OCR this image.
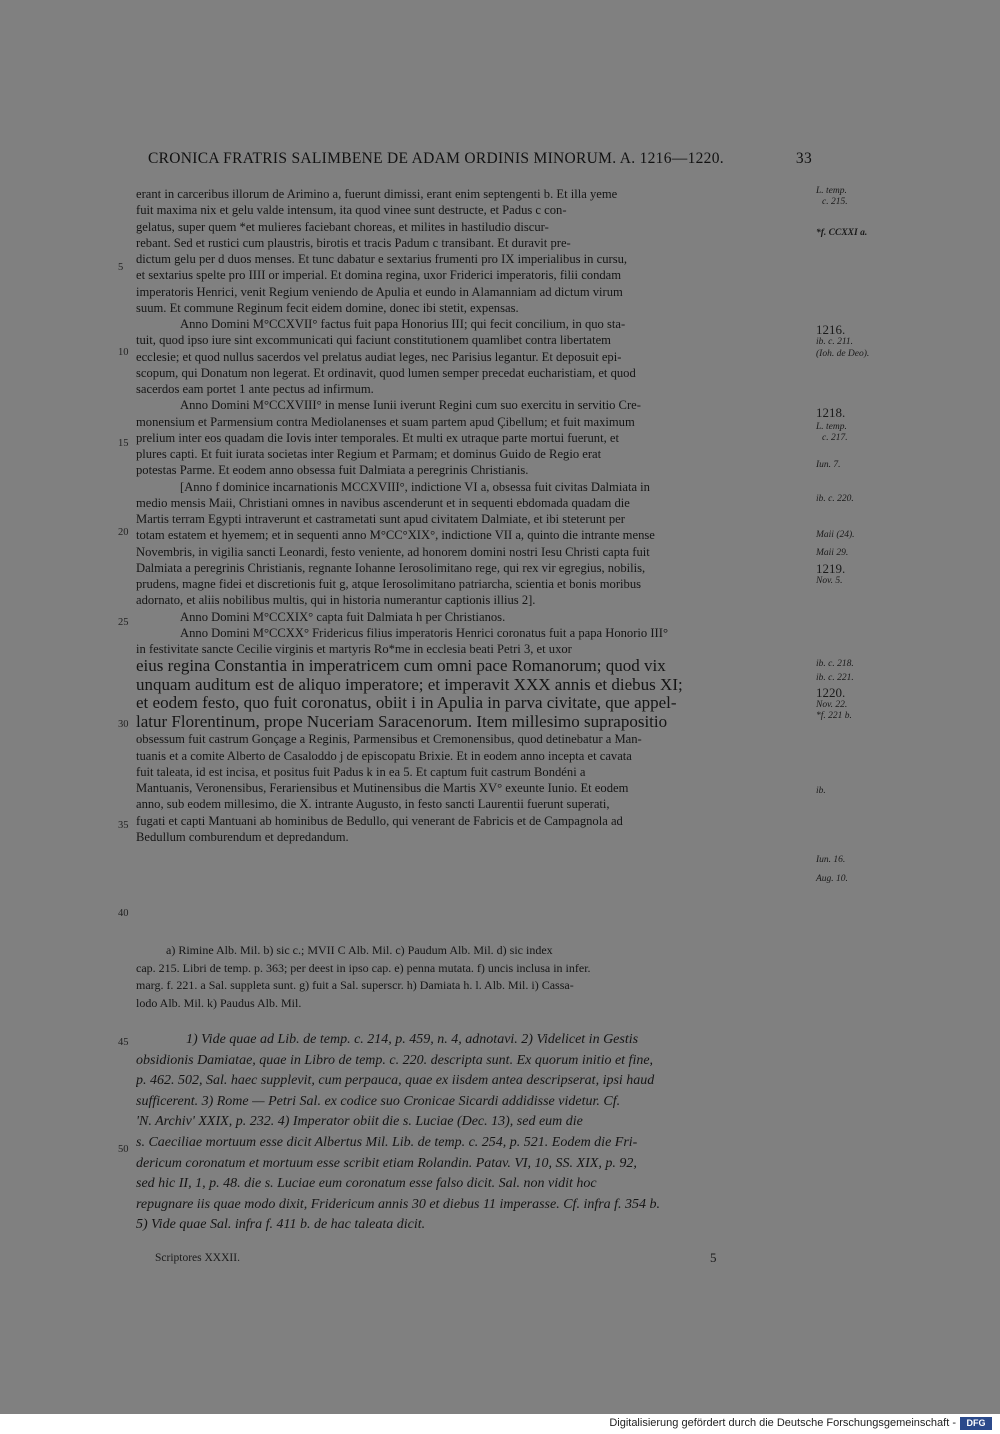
CRONICA FRATRIS SALIMBENE DE ADAM ORDINIS MINORUM. A. 1216—1220.	33
5
10
15
20
25
30
35
40
45
50
erant in carceribus illorum de Arimino a, fuerunt dimissi, erant enim septengenti b. Et illa yeme
fuit maxima nix et gelu valde intensum, ita quod vinee sunt destructe, et Padus c con-
gelatus, super quem *et mulieres faciebant choreas, et milites in hastiludio discur-
rebant. Sed et rustici cum plaustris, birotis et tracis Padum c transibant. Et duravit pre-
dictum gelu per d duos menses. Et tunc dabatur e sextarius frumenti pro IX imperialibus in cursu,
et sextarius spelte pro IIII or imperial. Et domina regina, uxor Friderici imperatoris, filii condam
imperatoris Henrici, venit Regium veniendo de Apulia et eundo in Alamanniam ad dictum virum
suum. Et commune Reginum fecit eidem domine, donec ibi stetit, expensas.
Anno Domini M°CCXVII° factus fuit papa Honorius III; qui fecit concilium, in quo sta-
tuit, quod ipso iure sint excommunicati qui faciunt constitutionem quamlibet contra libertatem
ecclesie; et quod nullus sacerdos vel prelatus audiat leges, nec Parisius legantur. Et deposuit epi-
scopum, qui Donatum non legerat. Et ordinavit, quod lumen semper precedat eucharistiam, et quod
sacerdos eam portet 1 ante pectus ad infirmum.
Anno Domini M°CCXVIII° in mense Iunii iverunt Regini cum suo exercitu in servitio Cre-
monensium et Parmensium contra Mediolanenses et suam partem apud Çibellum; et fuit maximum
prelium inter eos quadam die Iovis inter temporales. Et multi ex utraque parte mortui fuerunt, et
plures capti. Et fuit iurata societas inter Regium et Parmam; et dominus Guido de Regio erat
potestas Parme. Et eodem anno obsessa fuit Dalmiata a peregrinis Christianis.
[Anno f dominice incarnationis MCCXVIII°, indictione VI a, obsessa fuit civitas Dalmiata in
medio mensis Maii, Christiani omnes in navibus ascenderunt et in sequenti ebdomada quadam die
Martis terram Egypti intraverunt et castrametati sunt apud civitatem Dalmiate, et ibi steterunt per
totam estatem et hyemem; et in sequenti anno M°CC°XIX°, indictione VII a, quinto die intrante mense
Novembris, in vigilia sancti Leonardi, festo veniente, ad honorem domini nostri Iesu Christi capta fuit
Dalmiata a peregrinis Christianis, regnante Iohanne Ierosolimitano rege, qui rex vir egregius, nobilis,
prudens, magne fidei et discretionis fuit g, atque Ierosolimitano patriarcha, scientia et bonis moribus
adornato, et aliis nobilibus multis, qui in historia numerantur captionis illius 2].
Anno Domini M°CCXIX° capta fuit Dalmiata h per Christianos.
Anno Domini M°CCXX° Fridericus filius imperatoris Henrici coronatus fuit a papa Honorio III°
in festivitate sancte Cecilie virginis et martyris Ro*me in ecclesia beati Petri 3, et uxor
eius regina Constantia in imperatricem cum omni pace Romanorum; quod vix
unquam auditum est de aliquo imperatore; et imperavit XXX annis et diebus XI;
et eodem festo, quo fuit coronatus, obiit i in Apulia in parva civitate, que appel-
latur Florentinum, prope Nuceriam Saracenorum. Item millesimo suprapositio
obsessum fuit castrum Gonçage a Reginis, Parmensibus et Cremonensibus, quod detinebatur a Man-
tuanis et a comite Alberto de Casaloddo j de episcopatu Brixie. Et in eodem anno incepta et cavata
fuit taleata, id est incisa, et positus fuit Padus k in ea 5. Et captum fuit castrum Bondéni a
Mantuanis, Veronensibus, Ferariensibus et Mutinensibus die Martis XV° exeunte Iunio. Et eodem
anno, sub eodem millesimo, die X. intrante Augusto, in festo sancti Laurentii fuerunt superati,
fugati et capti Mantuani ab hominibus de Bedullo, qui venerant de Fabricis et de Campagnola ad
Bedullum comburendum et depredandum.
L. temp.
c. 215.
*f. CCXXI a.
1216.
ib. c. 211.
(Ioh. de Deo).
1218.
L. temp.
c. 217.
Iun. 7.
ib. c. 220.
Maii (24).
Maii 29.
1219.
Nov. 5.
ib. c. 218.
ib. c. 221.
1220.
Nov. 22.
*f. 221 b.
ib.
Iun. 16.
Aug. 10.
a) Rimine Alb. Mil. b) sic c.; MVII C Alb. Mil. c) Paudum Alb. Mil. d) sic index
cap. 215. Libri de temp. p. 363; per deest in ipso cap. e) penna mutata. f) uncis inclusa in infer.
marg. f. 221. a Sal. suppleta sunt. g) fuit a Sal. superscr. h) Damiata h. l. Alb. Mil. i) Cassa-
lodo Alb. Mil. k) Paudus Alb. Mil.
1) Vide quae ad Lib. de temp. c. 214, p. 459, n. 4, adnotavi. 2) Videlicet in Gestis
obsidionis Damiatae, quae in Libro de temp. c. 220. descripta sunt. Ex quorum initio et fine,
p. 462. 502, Sal. haec supplevit, cum perpauca, quae ex iisdem antea descripserat, ipsi haud
sufficerent. 3) Rome — Petri Sal. ex codice suo Cronicae Sicardi addidisse videtur. Cf.
'N. Archiv' XXIX, p. 232. 4) Imperator obiit die s. Luciae (Dec. 13), sed eum die
s. Caeciliae mortuum esse dicit Albertus Mil. Lib. de temp. c. 254, p. 521. Eodem die Fri-
dericum coronatum et mortuum esse scribit etiam Rolandin. Patav. VI, 10, SS. XIX, p. 92,
sed hic II, 1, p. 48. die s. Luciae eum coronatum esse falso dicit. Sal. non vidit hoc
repugnare iis quae modo dixit, Fridericum annis 30 et diebus 11 imperasse. Cf. infra f. 354 b.
5) Vide quae Sal. infra f. 411 b. de hac taleata dicit.
Scriptores XXXII.	5
Digitalisierung gefördert durch die Deutsche Forschungsgemeinschaft -	DFG
